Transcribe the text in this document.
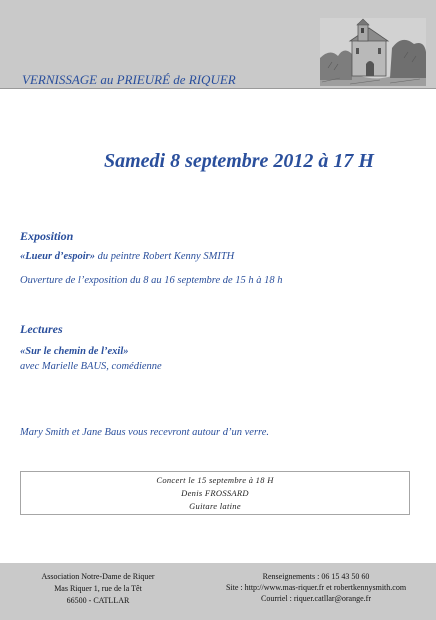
VERNISSAGE au PRIEURÉ de RIQUER
Samedi 8 septembre 2012 à 17 H
Exposition
«Lueur d’espoir» du peintre Robert Kenny SMITH
Ouverture de l’exposition du 8 au 16 septembre de 15 h à 18 h
Lectures
«Sur le chemin de l’exil»
avec Marielle BAUS, comédienne
Mary Smith et Jane Baus vous recevront autour d’un verre.
Concert le 15 septembre à 18 H
Denis FROSSARD
Guitare latine
Association Notre-Dame de Riquer
Mas Riquer 1, rue de la Têt
66500 - CATLLAR
Renseignements : 06 15 43 50 60
Site : http://www.mas-riquer.fr et robertkennysmith.com
Courriel : riquer.catllar@orange.fr
